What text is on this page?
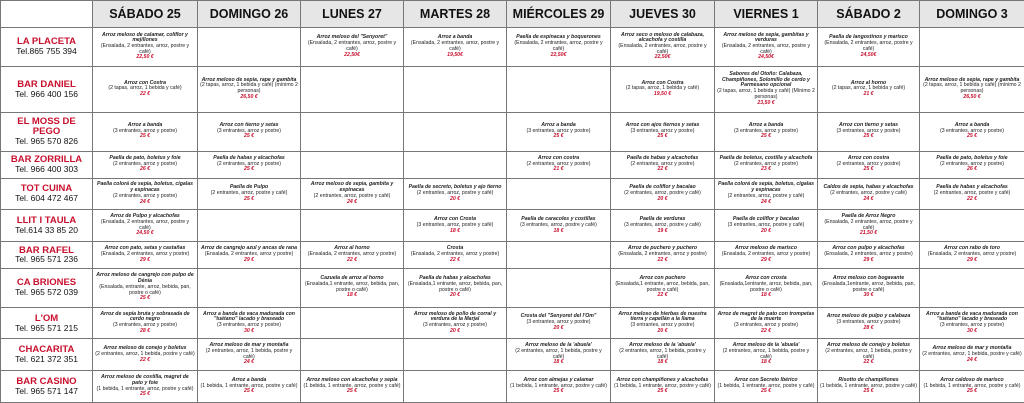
	SÁBADO 25	DOMINGO 26	LUNES 27	MARTES 28	MIÉRCOLES 29	JUEVES 30	VIERNES 1	SÁBADO 2	DOMINGO 3

LA PLACETA
Tel.865 755 394	Arroz meloso de calamar, coliflor y mejillones
(Ensalada, 2 entrantes, arroz, postre y café)
22,50 €		Arroz meloso del "Senyoret"
(Ensalada, 2 entrantes, arroz, postre y café)
22,50€	Arroz a banda
(Ensalada, 2 entrantes, arroz, postre y café)
19,50€	Paella de espinacas y boquerones
(Ensalada, 2 entrantes, arroz, postre y café)
22,50€	Arroz seco o meloso de calabaza, alcachofa y costilla
(Ensalada, 2 entrantes, arroz, postre y café)
22,50€	Arroz meloso de sepia, gambitas y verduras
(Ensalada, 2 entrantes, arroz, postre y café)
24,50€	Paella de langostinos y marisco
(Ensalada, 2 entrantes, arroz, postre y café)
24,50€	

BAR DANIEL
Tel. 966 400 156	Arroz con Costra
(2 tapas, arroz, 1 bebida y café)
22 €	Arroz meloso de sepia, rape y gambita
(2 tapas, arroz, 1 bebida y café) (mínimo 2 personas)
26,50 €				Arroz con Costra
(2 tapas, arroz, 1 bebida y café)
19,50 €	Sabores del Otoño: Calabaza, Champiñones, Solomillo de cerdo y Parmesano opcional
(2 tapas, arroz, 1 bebida y café) (Mínimo 2 personas)
23,50 €	Arroz al horno
(2 tapas, arroz, 1 bebida y café)
21 €	Arroz meloso de sepia, rape y gambita
(2 tapas, arroz, 1 bebida y café) (mínimo 2 personas)
26,50 €

EL MOSS DE PEGO
Tel. 965 570 826	Arroz a banda
(3 entrantes, arroz y postre)
25 €	Arroz con tierno y setas
(3 entrantes, arroz y postre)
25 €			Arroz a banda
(3 entrantes, arroz y postre)
25 €	Arroz con ajos tiernos y setas
(3 entrantes, arroz y postre)
25 €	Arroz a banda
(3 entrantes, arroz y postre)
25 €	Arroz con tierno y setas
(3 entrantes, arroz y postre)
25 €	Arroz a banda
(3 entrantes, arroz y postre)
25 €

BAR ZORRILLA
Tel. 966 400 303	Paella de pato, boletus y foie
(2 entrantes, arroz y postre)
26 €	Paella de habas y alcachofas
(2 entrantes, arroz y postre)
25 €			Arroz con costra
(2 entrantes, arroz y postre)
21 €	Paella de habas y alcachofas
(2 entrantes, arroz y postre)
22 €	Paella de boletus, costilla y alcachofa
(2 entrantes, arroz y postre)
23 €	Arroz con costra
(2 entrantes, arroz y postre)
25 €	Paella de pato, boletus y foie
(2 entrantes, arroz y postre)
26 €

TOT CUINA
Tel. 604 472 467	Paella colorá de sepia, boletus, cigalas y espinacas
(2 entrantes, arroz y postre)
24 €	Paella de Pulpo
(2 entrantes, arroz, postre y café)
25 €	Arroz meloso de sepia, gambita y espinacas
(2 entrantes, arroz, postre y café)
24 €	Paella de secreto, boletus y ajo tierno
(2 entrantes, arroz, postre y café)
20 €		Paella de coliflor y bacalao
(2 entrantes, arroz, postre y café)
20 €	Paella colorá de sepia, boletus, cigalas y espinacas
(2 entrantes, arroz, postre y café)
24 €	Caldos de sepia, habas y alcachofas
(2 entrantes, arroz, postre y café)
24 €	Paella de habas y alcachofas
(2 entrantes, arroz, postre y café)
22 €

LLIT I TAULA
Tel.614 33 85 20	Arroz de Pulpo y alcachofas
(Ensalada, 2 entrantes, arroz, postre y café)
24,50 €			Arroz con Crosta
(3 entrantes, arroz, postre y café)
18 €	Paella de caracoles y costillas
(3 entrantes, arroz, postre y café)
18 €	Paella de verduras
(3 entrantes, arroz, postre y café)
19 €	Paella de coliflor y bacalao
(3 entrantes, arroz, postre y café)
20 €	Paella de Arroz Negro
(Ensalada, 2 entrantes, arroz, postre y café)
21,50 €	

BAR RAFEL
Tel. 965 571 236	Arroz con pato, setas y castañas
(Ensalada, 2 entrantes, arroz y postre)
29 €	Arroz de cangrejo azul y ancas de rana
(Ensalada, 2 entrantes, arroz y postre)
29 €	Arroz al horno
(Ensalada, 2 entrantes, arroz y postre)
22 €	Crosta
(Ensalada, 2 entrantes, arroz y postre)
22 €		Arroz de puchero y puchero
(Ensalada, 2 entrantes, arroz y postre)
22 €	Arroz meloso de marisco
(Ensalada, 2 entrantes, arroz y postre)
29 €	Arroz con pulpo y alcachofas
(Ensalada, 2 entrantes, arroz y postre)
29 €	Arroz con rabo de toro
(Ensalada, 2 entrantes, arroz y postre)
29 €

CA BRIONES
Tel. 965 572 039	Arroz meloso de cangrejo con pulpo de Dénia
(Ensalada, entrante, arroz, bebida, pan, postre o café)
25 €		Cazuela de arroz al horno
(Ensalada,1 entrante, arroz, bebida, pan, postre o café)
18 €	Paella de habas y alcachofas
(Ensalada,1 entrante, arroz, bebida, pan, postre o café)
20 €		Arroz con puchero
(Ensalada,1 entrante, arroz, bebida, pan, postre o café)
22 €	Arroz con crosta
(Ensalada,1entrante, arroz, bebida, pan, postre o café)
18 €	Arroz meloso con bogavante
(Ensalada,1entrante, arroz, bebida, pan, postre o café)
30 €	

L'OM
Tel. 965 571 215	Arroz de sepia bruta y sobrasada de cerdo negro
(3 entrantes, arroz y postre)
28 €	Arroz a banda de vaca madurada con "tuétano" lacado y braseado
(3 entrantes, arroz y postre)
30 €		Arroz meloso de pollo de corral y verdura de la Marjal
(3 entrantes, arroz y postre)
20 €	Crosta del "Senyoret del l'Om"
(3 entrantes, arroz y postre)
20 €	Arroz meloso de hierbas de nuestra tierra y capellán a la llama
(3 entrantes, arroz y postre)
20 €	Arroz de magret de pato con trompetas de la muerte
(3 entrantes, arroz y postre)
22 €	Arroz meloso de pulpo y calabaza
(3 entrantes, arroz y postre)
28 €	Arroz a banda de vaca madurada con "tuétano" lacado y braseado
(3 entrantes, arroz y postre)
30 €

CHACARITA
Tel. 621 372 351	Arroz meloso de conejo y boletus
(2 entrantes, arroz, 1 bebida, postre y café)
22 €	Arroz meloso de mar y montaña
(2 entrantes, arroz, 1 bebida, postre y café)
24 €			Arroz meloso de la 'abuela'
(2 entrantes, arroz, 1 bebida, postre y café)
18 €	Arroz meloso de la 'abuela'
(2 entrantes, arroz, 1 bebida, postre y café)
18 €	Arroz meloso de la 'abuela'
(2 entrantes, arroz, 1 bebida, postre y café)
18 €	Arroz meloso de conejo y boletus
(2 entrantes, arroz, 1 bebida, postre y café)
22 €	Arroz meloso de mar y montaña
(2 entrantes, arroz, 1 bebida, postre y café)
24 €

BAR CASINO
Tel. 965 571 147	Arroz meloso de costilla, magret de pato y foie
(1 bebida, 1 entrante, arroz, postre y café)
25 €	Arroz a banda
(1 bebida, 1 entrante, arroz, postre y café)
25 €	Arroz meloso con alcachofas y sepia
(1 bebida, 1 entrante, arroz, postre y café)
25 €		Arroz con almejas y calamar
(1 bebida, 1 entrante, arroz, postre y café)
25 €	Arroz con champiñones y alcachofas
(1 bebida, 1 entrante, arroz, postre y café)
25 €	Arroz con Secreto Ibérico
(1 bebida, 1 entrante, arroz, postre y café)
25 €	Risotto de champiñones
(1 bebida, 1 entrante, arroz, postre y café)
25 €	Arroz caldoso de marisco
(1 bebida, 1 entrante, arroz, postre y café)
25 €
